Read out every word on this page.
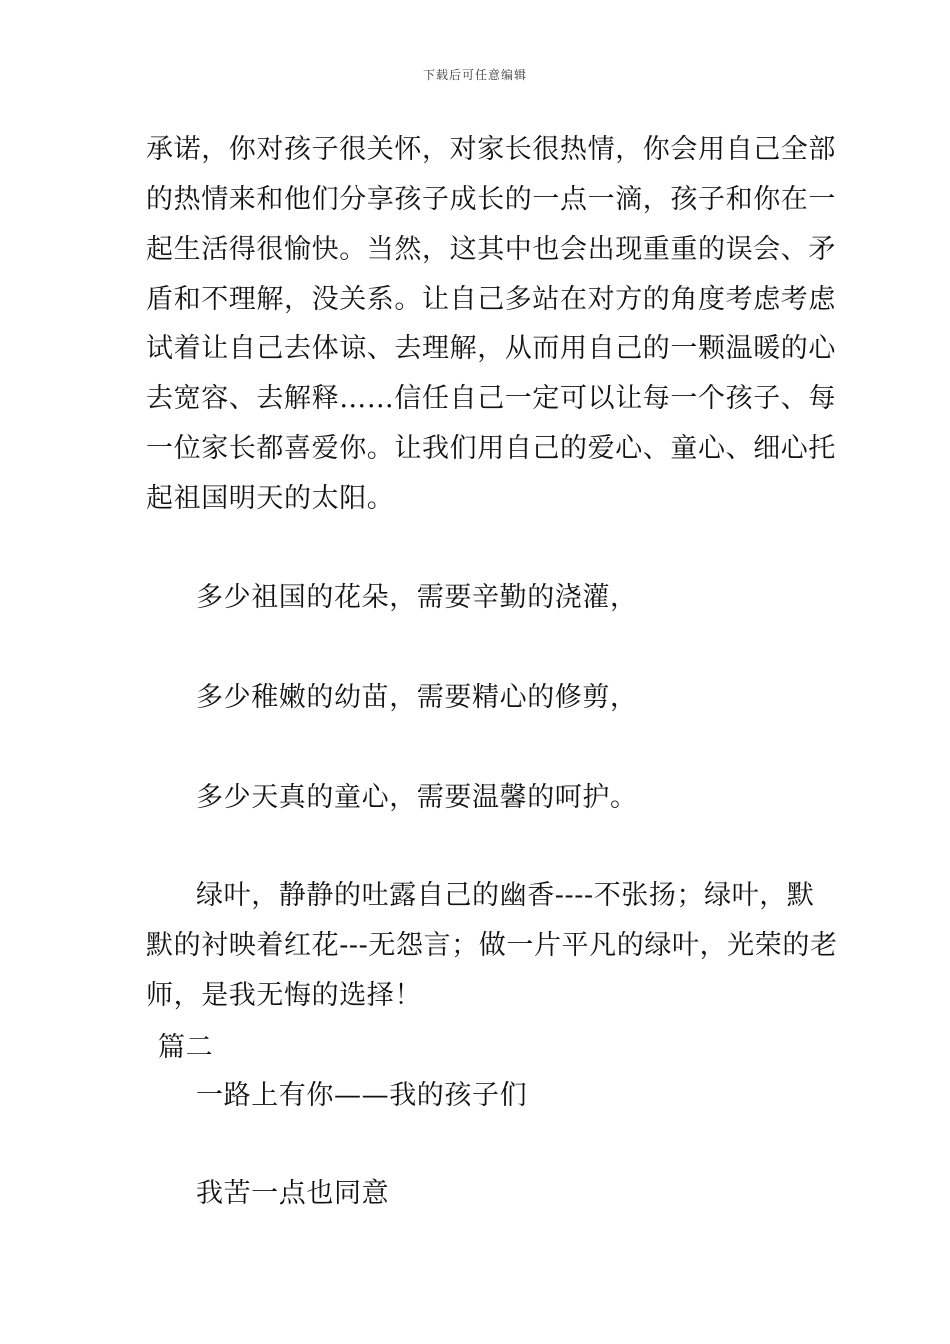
下载后可任意编辑
承诺，你对孩子很关怀，对家长很热情，你会用自己全部
的热情来和他们分享孩子成长的一点一滴，孩子和你在一
起生活得很愉快。当然，这其中也会出现重重的误会、矛
盾和不理解，没关系。让自己多站在对方的角度考虑考虑
试着让自己去体谅、去理解，从而用自己的一颗温暖的心
去宽容、去解释……信任自己一定可以让每一个孩子、每
一位家长都喜爱你。让我们用自己的爱心、童心、细心托
起祖国明天的太阳。
多少祖国的花朵，需要辛勤的浇灌，
多少稚嫩的幼苗，需要精心的修剪，
多少天真的童心，需要温馨的呵护。
绿叶，静静的吐露自己的幽香----不张扬；绿叶，默
默的衬映着红花---无怨言；做一片平凡的绿叶，光荣的老
师，是我无悔的选择！
篇二
一路上有你——我的孩子们
我苦一点也同意
